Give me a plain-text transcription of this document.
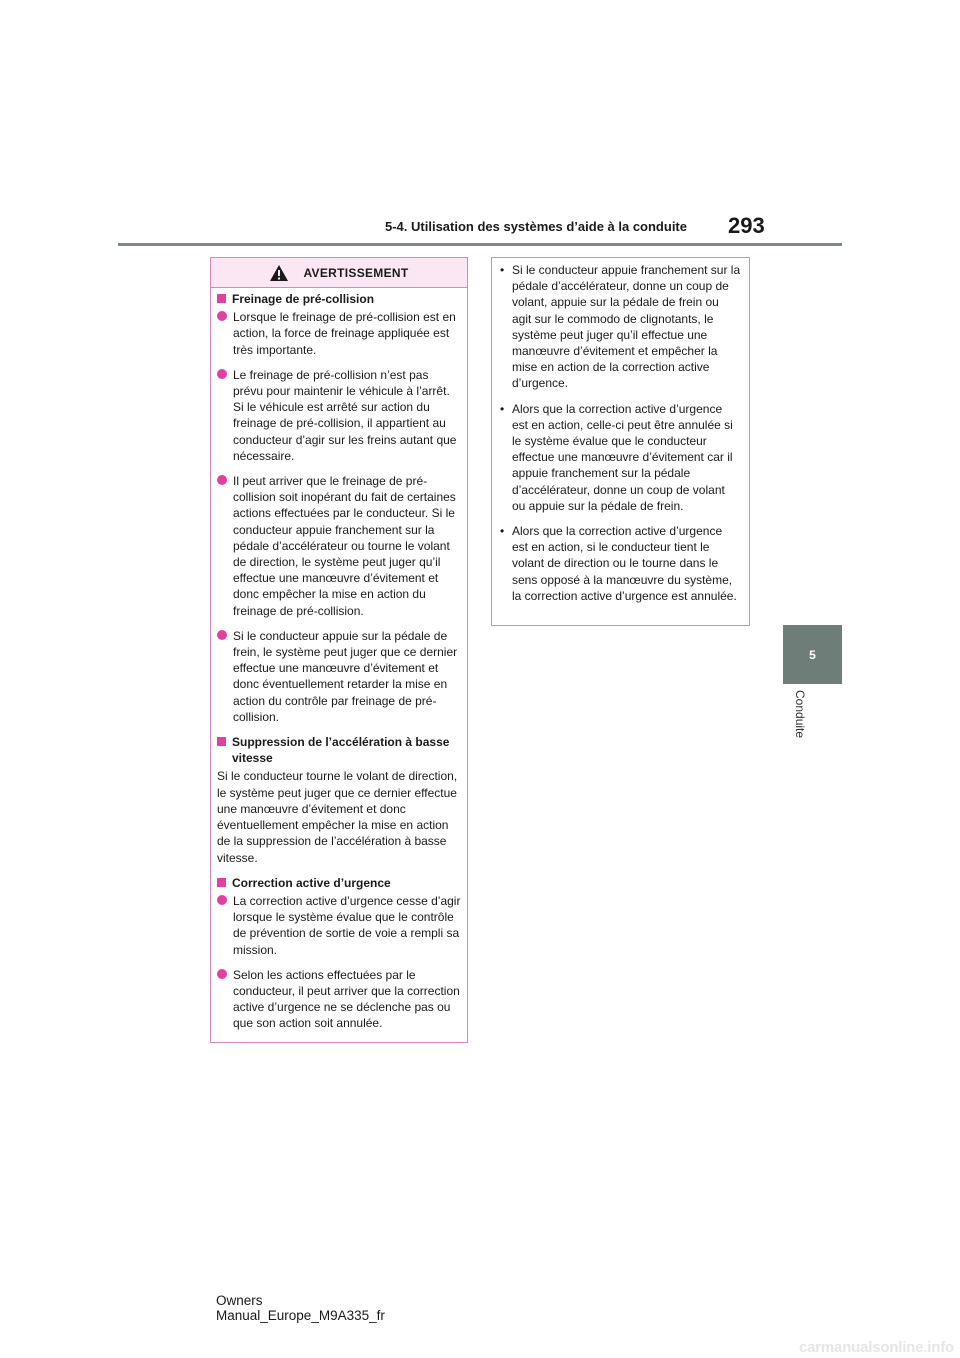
5-4. Utilisation des systèmes d’aide à la conduite	293
5
Conduite
AVERTISSEMENT
Freinage de pré-collision
Lorsque le freinage de pré-collision est en action, la force de freinage appliquée est très importante.
Le freinage de pré-collision n’est pas prévu pour maintenir le véhicule à l’arrêt. Si le véhicule est arrêté sur action du freinage de pré-collision, il appartient au conducteur d’agir sur les freins autant que nécessaire.
Il peut arriver que le freinage de pré-collision soit inopérant du fait de certaines actions effectuées par le conducteur. Si le conducteur appuie franchement sur la pédale d’accélérateur ou tourne le volant de direction, le système peut juger qu’il effectue une manœuvre d’évitement et donc empêcher la mise en action du freinage de pré-collision.
Si le conducteur appuie sur la pédale de frein, le système peut juger que ce dernier effectue une manœuvre d’évitement et donc éventuellement retarder la mise en action du contrôle par freinage de pré-collision.
Suppression de l’accélération à basse vitesse
Si le conducteur tourne le volant de direction, le système peut juger que ce dernier effectue une manœuvre d’évitement et donc éventuellement empêcher la mise en action de la suppression de l’accélération à basse vitesse.
Correction active d’urgence
La correction active d’urgence cesse d’agir lorsque le système évalue que le contrôle de prévention de sortie de voie a rempli sa mission.
Selon les actions effectuées par le conducteur, il peut arriver que la correction active d’urgence ne se déclenche pas ou que son action soit annulée.
• Si le conducteur appuie franchement sur la pédale d’accélérateur, donne un coup de volant, appuie sur la pédale de frein ou agit sur le commodo de clignotants, le système peut juger qu’il effectue une manœuvre d’évitement et empêcher la mise en action de la correction active d’urgence.
• Alors que la correction active d’urgence est en action, celle-ci peut être annulée si le système évalue que le conducteur effectue une manœuvre d’évitement car il appuie franchement sur la pédale d’accélérateur, donne un coup de volant ou appuie sur la pédale de frein.
• Alors que la correction active d’urgence est en action, si le conducteur tient le volant de direction ou le tourne dans le sens opposé à la manœuvre du système, la correction active d’urgence est annulée.
Owners Manual_Europe_M9A335_fr
carmanualsonline.info
